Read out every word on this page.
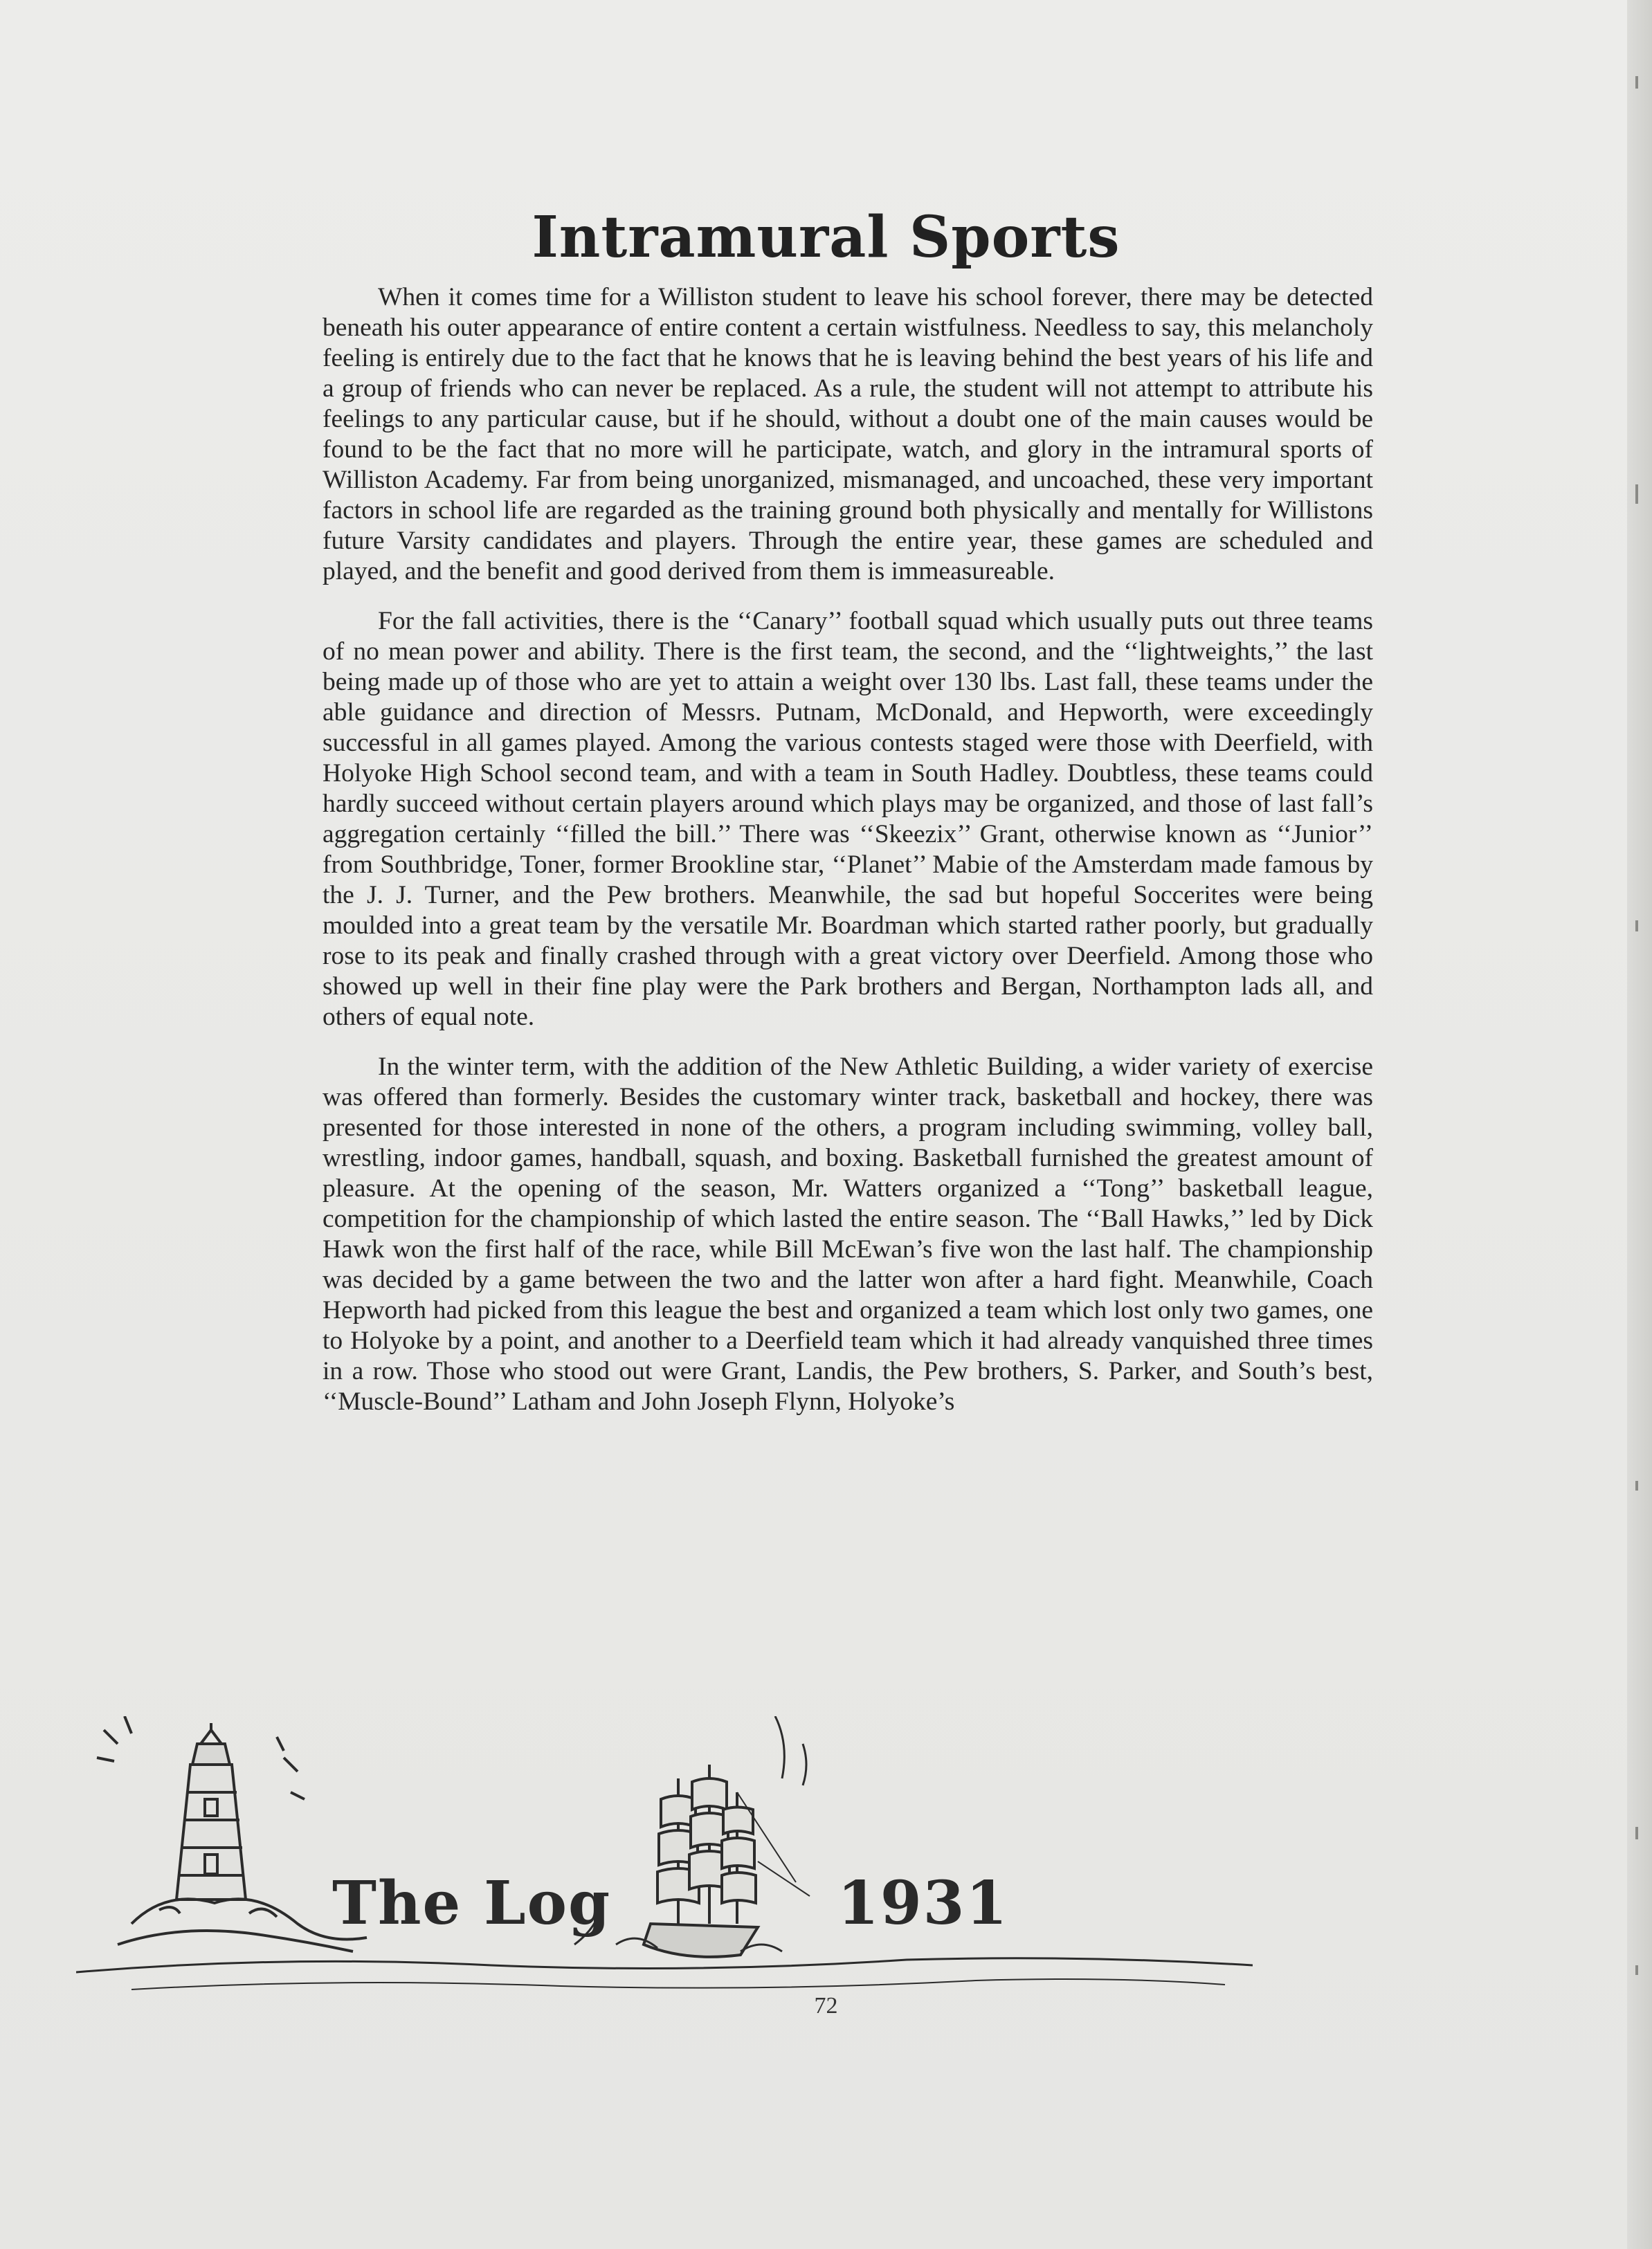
Intramural Sports

When it comes time for a Williston student to leave his school forever, there may be detected beneath his outer appearance of entire content a certain wistfulness. Needless to say, this melancholy feeling is entirely due to the fact that he knows that he is leaving behind the best years of his life and a group of friends who can never be replaced. As a rule, the student will not attempt to attribute his feelings to any particular cause, but if he should, without a doubt one of the main causes would be found to be the fact that no more will he participate, watch, and glory in the intramural sports of Williston Academy. Far from being unorganized, mismanaged, and uncoached, these very important factors in school life are regarded as the training ground both physically and mentally for Willistons future Varsity candidates and players. Through the entire year, these games are scheduled and played, and the benefit and good derived from them is immeasureable.

For the fall activities, there is the ‘‘Canary’’ football squad which usually puts out three teams of no mean power and ability. There is the first team, the second, and the ‘‘lightweights,’’ the last being made up of those who are yet to attain a weight over 130 lbs. Last fall, these teams under the able guidance and direction of Messrs. Putnam, McDonald, and Hepworth, were exceedingly successful in all games played. Among the various contests staged were those with Deerfield, with Holyoke High School second team, and with a team in South Hadley. Doubtless, these teams could hardly succeed without certain players around which plays may be organized, and those of last fall’s aggregation certainly ‘‘filled the bill.’’ There was ‘‘Skeezix’’ Grant, otherwise known as ‘‘Junior’’ from Southbridge, Toner, former Brookline star, ‘‘Planet’’ Mabie of the Amsterdam made famous by the J. J. Turner, and the Pew brothers. Meanwhile, the sad but hopeful Soccerites were being moulded into a great team by the versatile Mr. Boardman which started rather poorly, but gradually rose to its peak and finally crashed through with a great victory over Deerfield. Among those who showed up well in their fine play were the Park brothers and Bergan, Northampton lads all, and others of equal note.

In the winter term, with the addition of the New Athletic Building, a wider variety of exercise was offered than formerly. Besides the customary winter track, basketball and hockey, there was presented for those interested in none of the others, a program including swimming, volley ball, wrestling, indoor games, handball, squash, and boxing. Basketball furnished the greatest amount of pleasure. At the opening of the season, Mr. Watters organized a ‘‘Tong’’ basketball league, competition for the championship of which lasted the entire season. The ‘‘Ball Hawks,’’ led by Dick Hawk won the first half of the race, while Bill McEwan’s five won the last half. The championship was decided by a game between the two and the latter won after a hard fight. Meanwhile, Coach Hepworth had picked from this league the best and organized a team which lost only two games, one to Holyoke by a point, and another to a Deerfield team which it had already vanquished three times in a row. Those who stood out were Grant, Landis, the Pew brothers, S. Parker, and South’s best, ‘‘Muscle-Bound’’ Latham and John Joseph Flynn, Holyoke’s

The Log	1931
72
